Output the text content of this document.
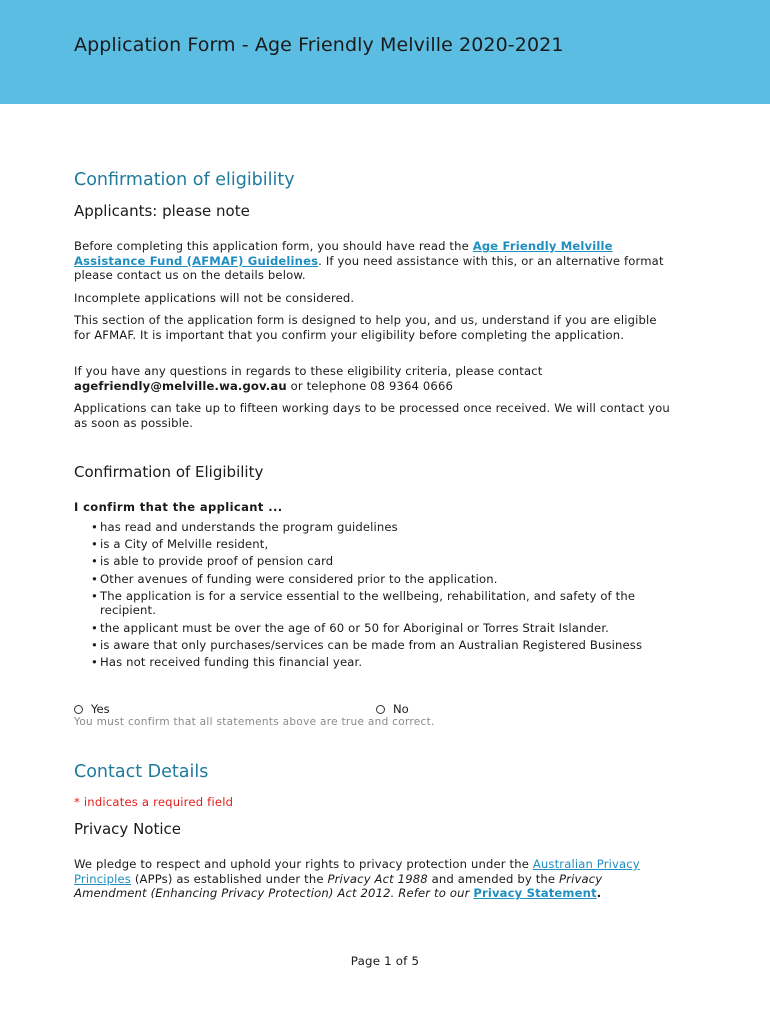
Application Form - Age Friendly Melville 2020-2021
Confirmation of eligibility
Applicants: please note

Before completing this application form, you should have read the Age Friendly Melville Assistance Fund (AFMAF) Guidelines. If you need assistance with this, or an alternative format please contact us on the details below.

Incomplete applications will not be considered.

This section of the application form is designed to help you, and us, understand if you are eligible for AFMAF. It is important that you confirm your eligibility before completing the application.

If you have any questions in regards to these eligibility criteria, please contact agefriendly@melville.wa.gov.au or telephone 08 9364 0666

Applications can take up to fifteen working days to be processed once received. We will contact you as soon as possible.

Confirmation of Eligibility

I confirm that the applicant ...

• has read and understands the program guidelines
• is a City of Melville resident,
• is able to provide proof of pension card
• Other avenues of funding were considered prior to the application.
• The application is for a service essential to the wellbeing, rehabilitation, and safety of the recipient.
• the applicant must be over the age of 60 or 50 for Aboriginal or Torres Strait Islander.
• is aware that only purchases/services can be made from an Australian Registered Business
• Has not received funding this financial year.
Yes	No

You must confirm that all statements above are true and correct.

Contact Details

* indicates a required field

Privacy Notice

We pledge to respect and uphold your rights to privacy protection under the Australian Privacy Principles (APPs) as established under the Privacy Act 1988 and amended by the Privacy Amendment (Enhancing Privacy Protection) Act 2012. Refer to our Privacy Statement.

Page 1 of 5
